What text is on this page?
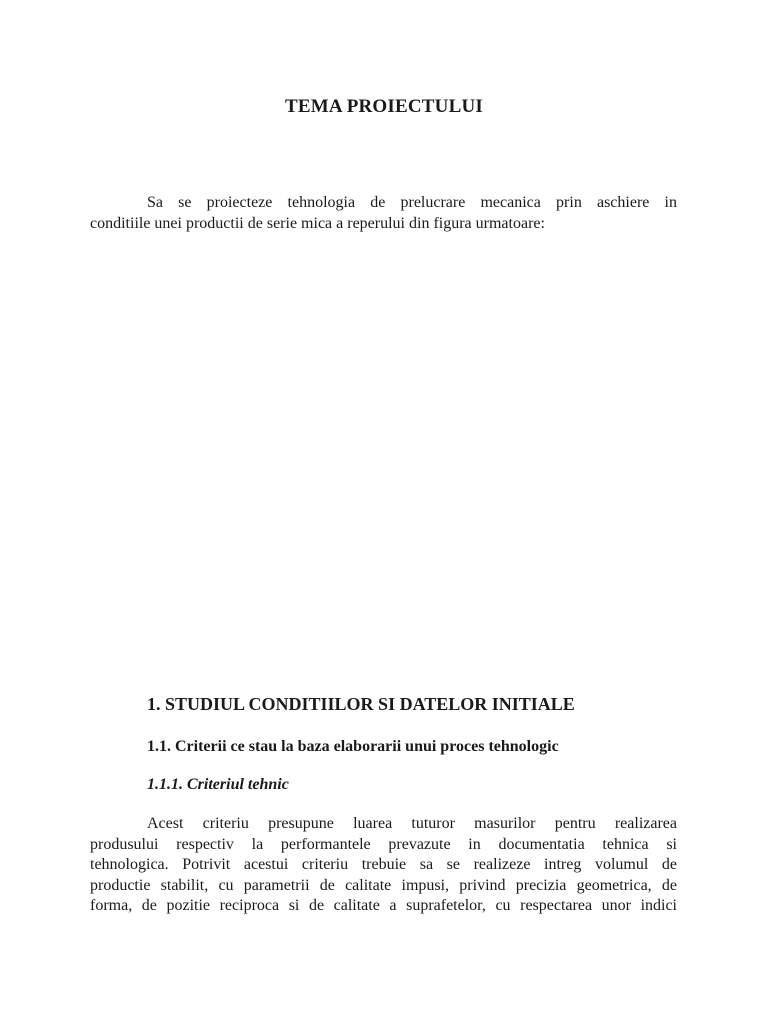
TEMA PROIECTULUI

Sa se proiecteze tehnologia de prelucrare mecanica prin aschiere in
conditiile unei productii de serie mica a reperului din figura urmatoare:

1. STUDIUL CONDITIILOR SI DATELOR INITIALE
1.1. Criterii ce stau la baza elaborarii unui proces tehnologic
1.1.1. Criteriul tehnic

Acest criteriu presupune luarea tuturor masurilor pentru realizarea
produsului respectiv la performantele prevazute in documentatia tehnica si
tehnologica. Potrivit acestui criteriu trebuie sa se realizeze intreg volumul de
productie stabilit, cu parametrii de calitate impusi, privind precizia geometrica, de
forma, de pozitie reciproca si de calitate a suprafetelor, cu respectarea unor indici
